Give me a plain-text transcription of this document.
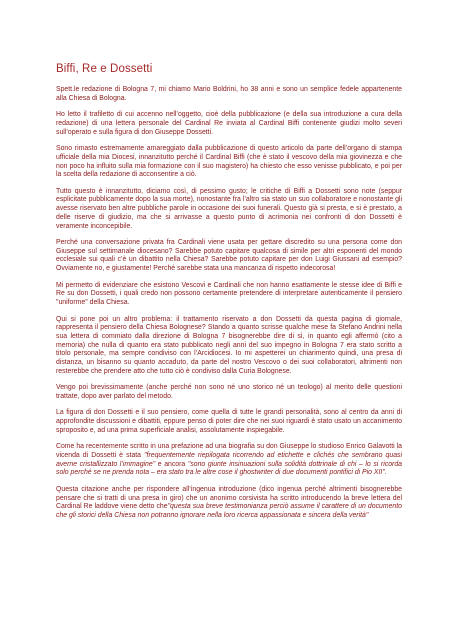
Biffi, Re e Dossetti

Spett.le redazione di Bologna 7, mi chiamo Mario Boldrini, ho 38 anni e sono un semplice fedele appartenente alla Chiesa di Bologna.

Ho letto il trafiletto di cui accenno nell’oggetto, cioè della pubblicazione (e della sua introduzione a cura della redazione) di una lettera personale del Cardinal Re inviata al Cardinal Biffi contenente giudizi molto severi sull’operato e sulla figura di don Giuseppe Dossetti.

Sono rimasto estremamente amareggiato dalla pubblicazione di questo articolo da parte dell’organo di stampa ufficiale della mia Diocesi, innanzitutto perché il Cardinal Biffi (che è stato il vescovo della mia giovinezza e che non poco ha influito sulla mia formazione con il suo magistero) ha chiesto che esso venisse pubblicato, e poi per la scelta della redazione di acconsentire a ciò.

Tutto questo è innanzitutto, diciamo così, di pessimo gusto; le critiche di Biffi a Dossetti sono note (seppur esplicitate pubblicamente dopo la sua morte), nonostante fra l’altro sia stato un suo collaboratore e nonostante gli avesse riservato ben altre pubbliche parole in occasione dei suoi funerali. Questo già si presta, e si è prestato, a delle riserve di giudizio, ma che si arrivasse a questo punto di acrimonia nei confronti di don Dossetti è veramente inconcepibile.

Perché una conversazione privata fra Cardinali viene usata per gettare discredito su una persona come don Giuseppe sul settimanale diocesano? Sarebbe potuto capitare qualcosa di simile per altri esponenti del mondo ecclesiale sui quali c’è un dibattito nella Chiesa? Sarebbe potuto capitare per don Luigi Giussani ad esempio? Ovviamente no, e giustamente! Perché sarebbe stata una mancanza di rispetto indecorosa!

Mi permetto di evidenziare che esistono Vescovi e Cardinali che non hanno esattamente le stesse idee di Biffi e Re su don Dossetti, i quali credo non possono certamente pretendere di interpretare autenticamente il pensiero "uniforme" della Chiesa.

Qui si pone poi un altro problema: il trattamento riservato a don Dossetti da questa pagina di giornale, rappresenta il pensiero della Chiesa Bolognese? Stando a quanto scrisse qualche mese fa Stefano Andrini nella sua lettera di commiato dalla direzione di Bologna 7 bisognerebbe dire di sì, in quanto egli affermò (cito a memoria) che nulla di quanto era stato pubblicato negli anni del suo impegno in Bologna 7 era stato scritto a titolo personale, ma sempre condiviso con l’Arcidiocesi. Io mi aspetterei un chiarimento quindi, una presa di distanza, un bisanno su quanto accaduto, da parte del nostro Vescovo o dei suoi collaboratori, altrimenti non resterebbe che prendere atto che tutto ciò è condiviso dalla Curia Bolognese.

Vengo poi brevissimamente (anche perché non sono né uno storico né un teologo) al merito delle questioni trattate, dopo aver parlato del metodo.

La figura di don Dossetti e il suo pensiero, come quella di tutte le grandi personalità, sono al centro da anni di approfondite discussioni e dibattiti, eppure penso di poter dire che nei suoi riguardi è stato usato un accanimento sproposito e, ad una prima superficiale analisi, assolutamente inspiegabile.

Come ha recentemente scritto in una prefazione ad una biografia su don Giuseppe lo studioso Enrico Galavotti la vicenda di Dossetti è stata "frequentemente riepilogata ricorrendo ad etichette e clichés che sembrano quasi averne cristallizzato l’immagine" e ancora "sono giunte insinuazioni sulla solidità dottrinale di chi – lo si ricorda solo perché se ne prenda nota – era stato tra le altre cose il ghostwriter di due documenti pontifici di Pio XII".

Questa citazione anche per rispondere all’ingenua introduzione (dico ingenua perché altrimenti bisognerebbe pensare che si tratti di una presa in giro) che un anonimo corsivista ha scritto introducendo la breve lettera del Cardinal Re laddove viene detto che"questa sua breve testimonianza perciò assume il carattere di un documento che gli storici della Chiesa non potranno ignorare nella loro ricerca appassionata e sincera della verità"
